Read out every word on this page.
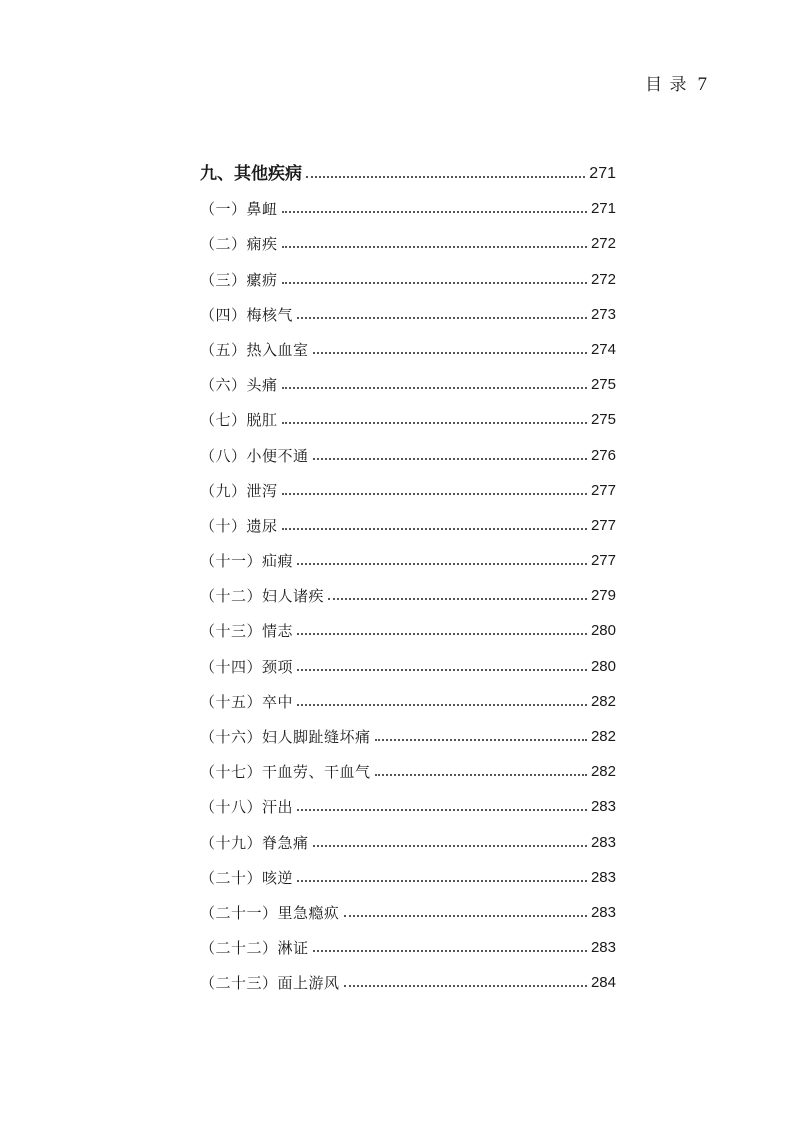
目 录 7
九、其他疾病	271
（一）鼻衄	271
（二）痫疾	272
（三）瘰疬	272
（四）梅核气	273
（五）热入血室	274
（六）头痛	275
（七）脱肛	275
（八）小便不通	276
（九）泄泻	277
（十）遗尿	277
（十一）疝瘕	277
（十二）妇人诸疾	279
（十三）情志	280
（十四）颈项	280
（十五）卒中	282
（十六）妇人脚趾缝坏痛	282
（十七）干血劳、干血气	282
（十八）汗出	283
（十九）脊急痛	283
（二十）咳逆	283
（二十一）里急瘾疭	283
（二十二）淋证	283
（二十三）面上游风	284
